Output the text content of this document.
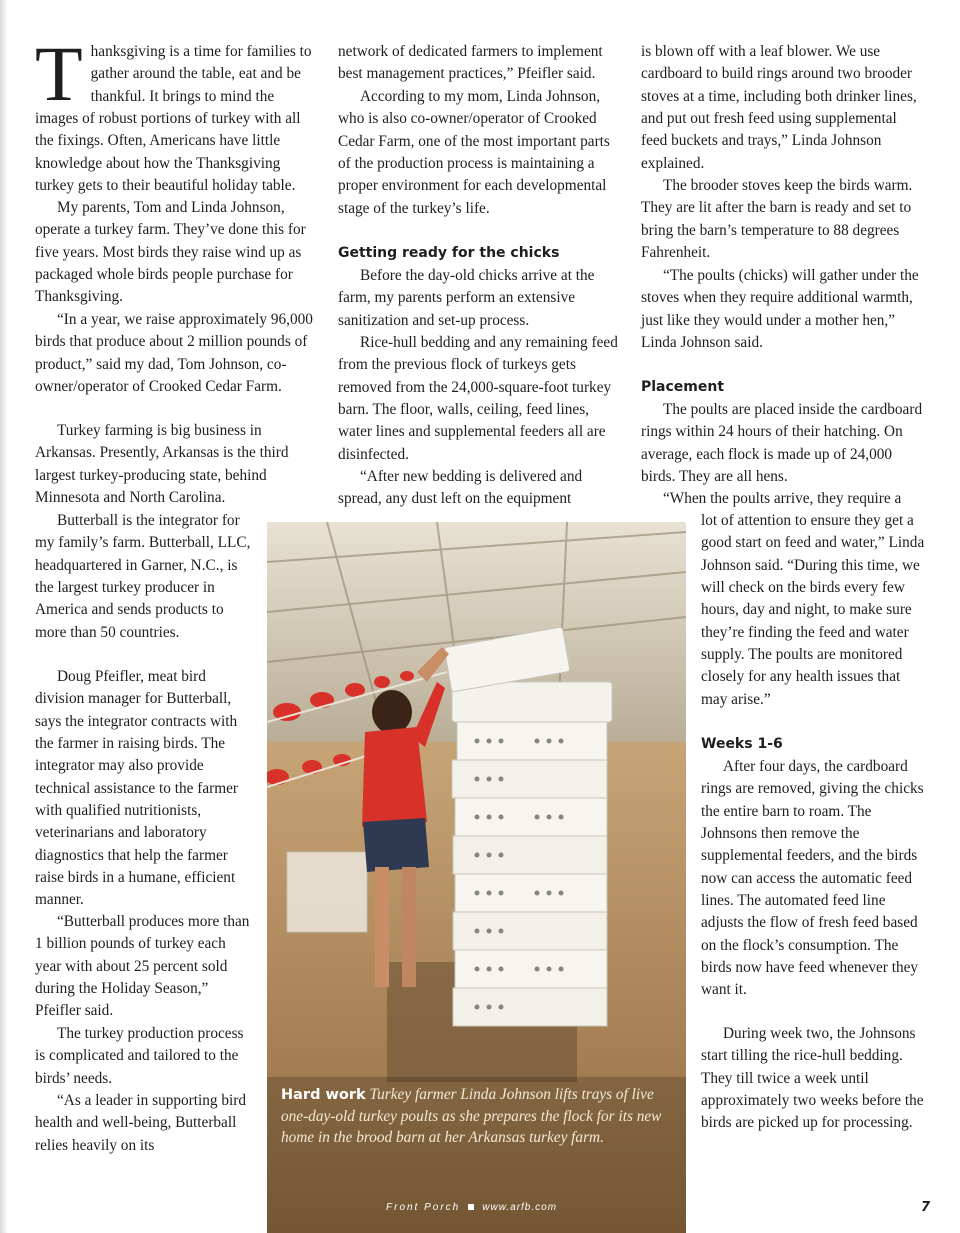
Thanksgiving is a time for families to gather around the table, eat and be thankful. It brings to mind the images of robust portions of turkey with all the fixings. Often, Americans have little knowledge about how the Thanksgiving turkey gets to their beautiful holiday table.

My parents, Tom and Linda Johnson, operate a turkey farm. They’ve done this for five years. Most birds they raise wind up as packaged whole birds people purchase for Thanksgiving.

“In a year, we raise approximately 96,000 birds that produce about 2 million pounds of product,” said my dad, Tom Johnson, co-owner/operator of Crooked Cedar Farm.

Turkey farming is big business in Arkansas. Presently, Arkansas is the third largest turkey-producing state, behind Minnesota and North Carolina.

Butterball is the integrator for my family’s farm. Butterball, LLC, headquartered in Garner, N.C., is the largest turkey producer in America and sends products to more than 50 countries.

Doug Pfeifler, meat bird division manager for Butterball, says the integrator contracts with the farmer in raising birds. The integrator may also provide technical assistance to the farmer with qualified nutritionists, veterinarians and laboratory diagnostics that help the farmer raise birds in a humane, efficient manner.

“Butterball produces more than 1 billion pounds of turkey each year with about 25 percent sold during the Holiday Season,” Pfeifler said.

The turkey production process is complicated and tailored to the birds’ needs.

“As a leader in supporting bird health and well-being, Butterball relies heavily on its

network of dedicated farmers to implement best management practices,” Pfeifler said.

According to my mom, Linda Johnson, who is also co-owner/operator of Crooked Cedar Farm, one of the most important parts of the production process is maintaining a proper environment for each developmental stage of the turkey’s life.

Getting ready for the chicks

Before the day-old chicks arrive at the farm, my parents perform an extensive sanitization and set-up process.

Rice-hull bedding and any remaining feed from the previous flock of turkeys gets removed from the 24,000-square-foot turkey barn. The floor, walls, ceiling, feed lines, water lines and supplemental feeders all are disinfected.

“After new bedding is delivered and spread, any dust left on the equipment

is blown off with a leaf blower. We use cardboard to build rings around two brooder stoves at a time, including both drinker lines, and put out fresh feed using supplemental feed buckets and trays,” Linda Johnson explained.

The brooder stoves keep the birds warm. They are lit after the barn is ready and set to bring the barn’s temperature to 88 degrees Fahrenheit.

“The poults (chicks) will gather under the stoves when they require additional warmth, just like they would under a mother hen,” Linda Johnson said.

Placement

The poults are placed inside the cardboard rings within 24 hours of their hatching. On average, each flock is made up of 24,000 birds. They are all hens.

“When the poults arrive, they require a

lot of attention to ensure they get a good start on feed and water,” Linda Johnson said. “During this time, we will check on the birds every few hours, day and night, to make sure they’re finding the feed and water supply. The poults are monitored closely for any health issues that may arise.”

Weeks 1-6

After four days, the cardboard rings are removed, giving the chicks the entire barn to roam. The Johnsons then remove the supplemental feeders, and the birds now can access the automatic feed lines. The automated feed line adjusts the flow of fresh feed based on the flock’s consumption. The birds now have feed whenever they want it.

During week two, the Johnsons start tilling the rice-hull bedding. They till twice a week until approximately two weeks before the birds are picked up for processing.

Hard work Turkey farmer Linda Johnson lifts trays of live one-day-old turkey poults as she prepares the flock for its new home in the brood barn at her Arkansas turkey farm.

Front Porch www.arfb.com	7
